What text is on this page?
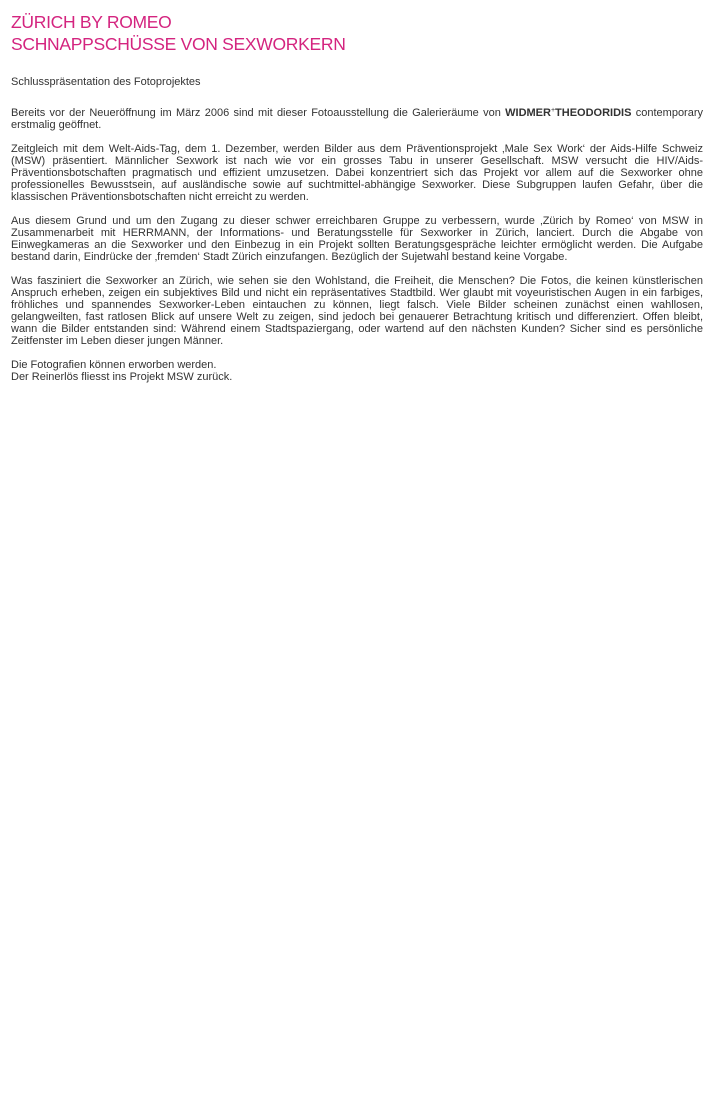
ZÜRICH BY ROMEO
SCHNAPPSCHÜSSE VON SEXWORKERN

Schlusspräsentation des Fotoprojektes

Bereits vor der Neueröffnung im März 2006 sind mit dieser Fotoausstellung die Galerieräume von WIDMER+THEODORIDIS contemporary erstmalig geöffnet.

Zeitgleich mit dem Welt-Aids-Tag, dem 1. Dezember, werden Bilder aus dem Präventionsprojekt ‚Male Sex Work‘ der Aids-Hilfe Schweiz (MSW) präsentiert. Männlicher Sexwork ist nach wie vor ein grosses Tabu in unserer Gesellschaft. MSW versucht die HIV/Aids-Präventionsbotschaften pragmatisch und effizient umzusetzen. Dabei konzentriert sich das Projekt vor allem auf die Sexworker ohne professionelles Bewusstsein, auf ausländische sowie auf suchtmittel-abhängige Sexworker. Diese Subgruppen laufen Gefahr, über die klassischen Präventionsbotschaften nicht erreicht zu werden.

Aus diesem Grund und um den Zugang zu dieser schwer erreichbaren Gruppe zu verbessern, wurde ‚Zürich by Romeo‘ von MSW in Zusammenarbeit mit HERRMANN, der Informations- und Beratungsstelle für Sexworker in Zürich, lanciert. Durch die Abgabe von Einwegkameras an die Sexworker und den Einbezug in ein Projekt sollten Beratungsgespräche leichter ermöglicht werden. Die Aufgabe bestand darin, Eindrücke der ‚fremden‘ Stadt Zürich einzufangen. Bezüglich der Sujetwahl bestand keine Vorgabe.

Was fasziniert die Sexworker an Zürich, wie sehen sie den Wohlstand, die Freiheit, die Menschen? Die Fotos, die keinen künstlerischen Anspruch erheben, zeigen ein subjektives Bild und nicht ein repräsentatives Stadtbild. Wer glaubt mit voyeuristischen Augen in ein farbiges, fröhliches und spannendes Sexworker-Leben eintauchen zu können, liegt falsch. Viele Bilder scheinen zunächst einen wahllosen, gelangweilten, fast ratlosen Blick auf unsere Welt zu zeigen, sind jedoch bei genauerer Betrachtung kritisch und differenziert. Offen bleibt, wann die Bilder entstanden sind: Während einem Stadtspaziergang, oder wartend auf den nächsten Kunden? Sicher sind es persönliche Zeitfenster im Leben dieser jungen Männer.

Die Fotografien können erworben werden.
Der Reinerlös fliesst ins Projekt MSW zurück.
